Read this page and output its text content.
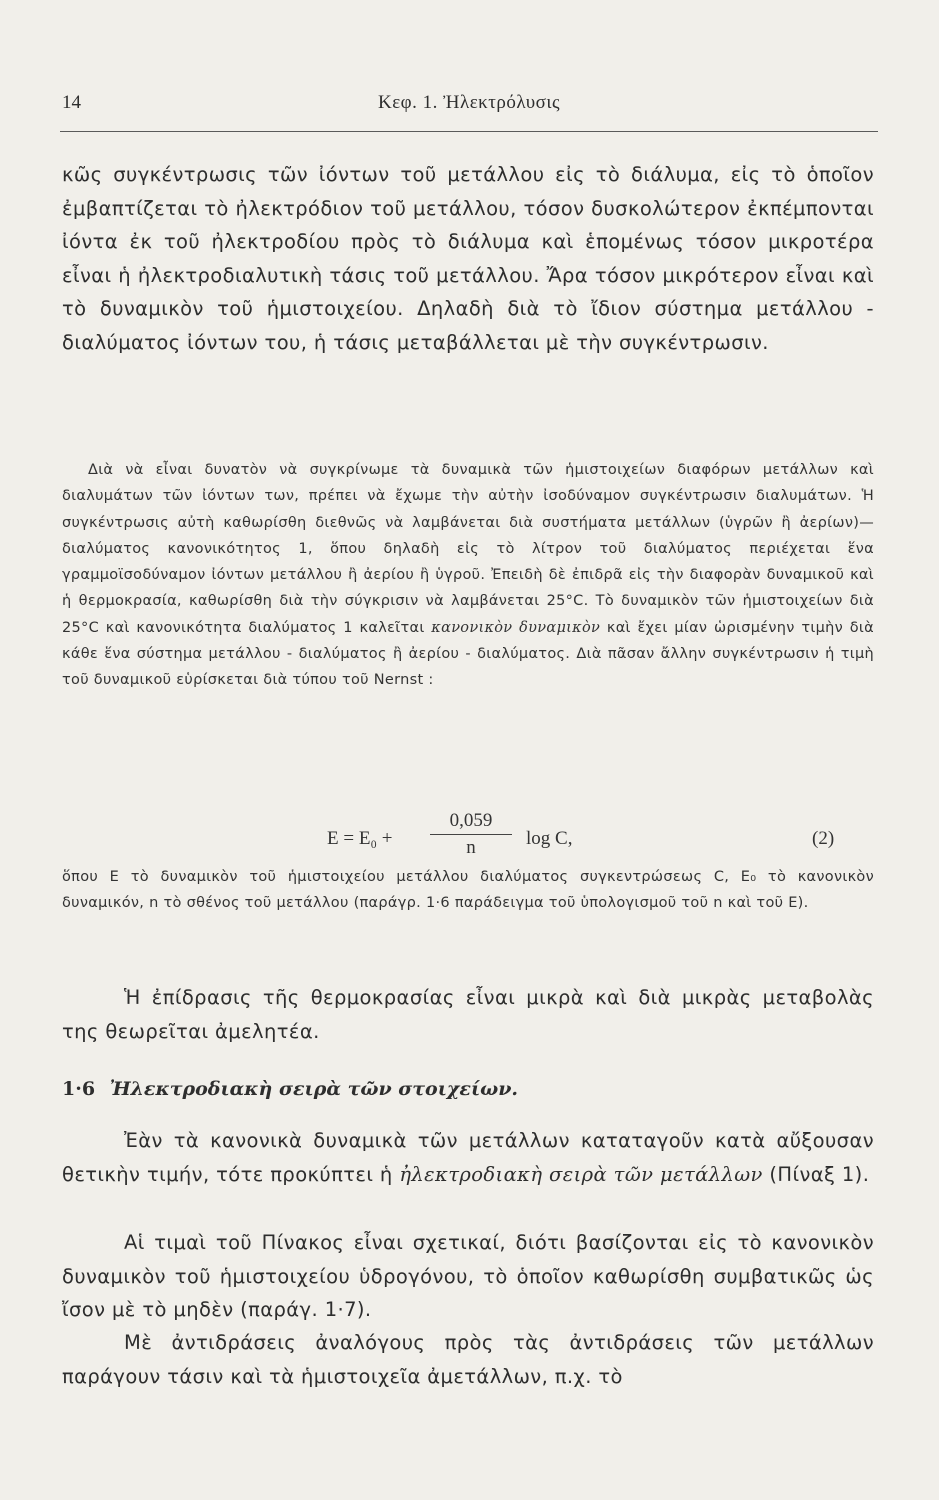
14	Κεφ. 1. Ἠλεκτρόλυσις

κῶς συγκέντρωσις τῶν ἰόντων τοῦ μετάλλου εἰς τὸ διάλυμα, εἰς τὸ ὁποῖον ἐμβαπτίζεται τὸ ἠλεκτρόδιον τοῦ μετάλλου, τόσον δυσκολώτερον ἐκπέμπονται ἰόντα ἐκ τοῦ ἠλεκτροδίου πρὸς τὸ διάλυμα καὶ ἑπομένως τόσον μικροτέρα εἶναι ἡ ἠλεκτροδιαλυτικὴ τάσις τοῦ μετάλλου. Ἄρα τόσον μικρότερον εἶναι καὶ τὸ δυναμικὸν τοῦ ἡμιστοιχείου. Δηλαδὴ διὰ τὸ ἴδιον σύστημα μετάλλου - διαλύματος ἰόντων του, ἡ τάσις μεταβάλλεται μὲ τὴν συγκέντρωσιν.

Διὰ νὰ εἶναι δυνατὸν νὰ συγκρίνωμε τὰ δυναμικὰ τῶν ἡμιστοιχείων διαφόρων μετάλλων καὶ διαλυμάτων τῶν ἰόντων των, πρέπει νὰ ἔχωμε τὴν αὐτὴν ἰσοδύναμον συγκέντρωσιν διαλυμάτων. Ἡ συγκέντρωσις αὐτὴ καθωρίσθη διεθνῶς νὰ λαμβάνεται διὰ συστήματα μετάλλων (ὑγρῶν ἢ ἀερίων)— διαλύματος κανονικότητος 1, ὅπου δηλαδὴ εἰς τὸ λίτρον τοῦ διαλύματος περιέχεται ἕνα γραμμοϊσοδύναμον ἰόντων μετάλλου ἢ ἀερίου ἢ ὑγροῦ. Ἐπειδὴ δὲ ἐπιδρᾶ εἰς τὴν διαφορὰν δυναμικοῦ καὶ ἡ θερμοκρασία, καθωρίσθη διὰ τὴν σύγκρισιν νὰ λαμβάνεται 25°C. Τὸ δυναμικὸν τῶν ἡμιστοιχείων διὰ 25°C καὶ κανονικότητα διαλύματος 1 καλεῖται κανονικὸν δυναμικὸν καὶ ἔχει μίαν ὡρισμένην τιμὴν διὰ κάθε ἕνα σύστημα μετάλλου - διαλύματος ἢ ἀερίου - διαλύματος. Διὰ πᾶσαν ἄλλην συγκέντρωσιν ἡ τιμὴ τοῦ δυναμικοῦ εὑρίσκεται διὰ τύπου τοῦ Nernst :

E = E₀ +
0,059
n	log C,	(2)

ὅπου E τὸ δυναμικὸν τοῦ ἡμιστοιχείου μετάλλου διαλύματος συγκεντρώσεως C, E₀ τὸ κανονικὸν δυναμικόν, n τὸ σθένος τοῦ μετάλλου (παράγρ. 1·6 παράδειγμα τοῦ ὑπολογισμοῦ τοῦ n καὶ τοῦ E).

Ἡ ἐπίδρασις τῆς θερμοκρασίας εἶναι μικρὰ καὶ διὰ μικρὰς μεταβολὰς της θεωρεῖται ἀμελητέα.

1·6 Ἠλεκτροδιακὴ σειρὰ τῶν στοιχείων.

Ἐὰν τὰ κανονικὰ δυναμικὰ τῶν μετάλλων καταταγοῦν κατὰ αὔξουσαν θετικὴν τιμήν, τότε προκύπτει ἡ ἠλεκτροδιακὴ σειρὰ τῶν μετάλλων (Πίναξ 1).

Αἱ τιμαὶ τοῦ Πίνακος εἶναι σχετικαί, διότι βασίζονται εἰς τὸ κανονικὸν δυναμικὸν τοῦ ἡμιστοιχείου ὑδρογόνου, τὸ ὁποῖον καθωρίσθη συμβατικῶς ὡς ἴσον μὲ τὸ μηδὲν (παράγ. 1·7).

Μὲ ἀντιδράσεις ἀναλόγους πρὸς τὰς ἀντιδράσεις τῶν μετάλλων παράγουν τάσιν καὶ τὰ ἡμιστοιχεῖα ἀμετάλλων, π.χ. τὸ
